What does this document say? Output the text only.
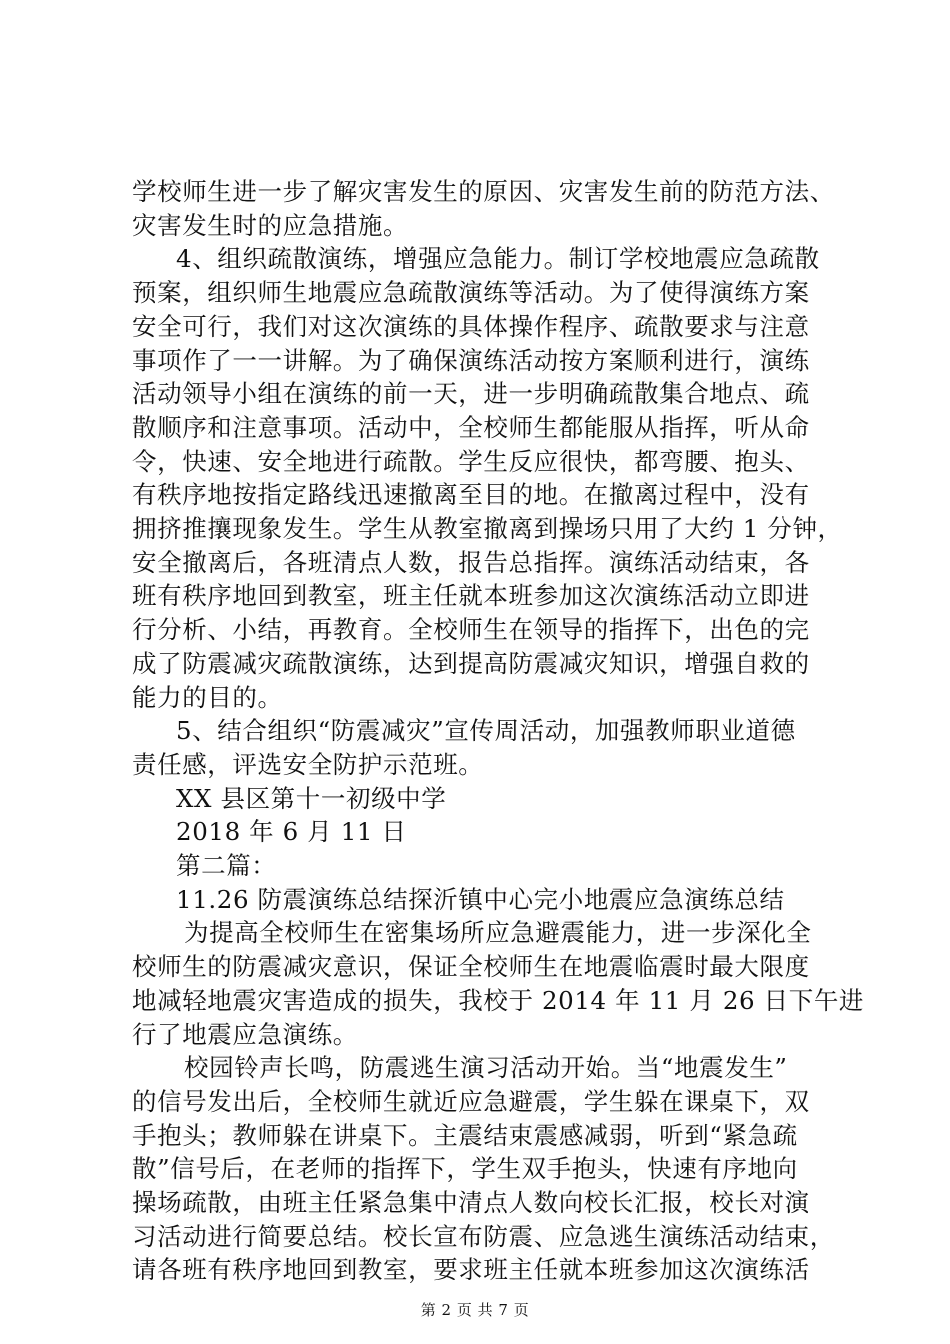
学校师生进一步了解灾害发生的原因、灾害发生前的防范方法、
灾害发生时的应急措施。
4、组织疏散演练，增强应急能力。制订学校地震应急疏散
预案，组织师生地震应急疏散演练等活动。为了使得演练方案
安全可行，我们对这次演练的具体操作程序、疏散要求与注意
事项作了一一讲解。为了确保演练活动按方案顺利进行，演练
活动领导小组在演练的前一天，进一步明确疏散集合地点、疏
散顺序和注意事项。活动中，全校师生都能服从指挥，听从命
令，快速、安全地进行疏散。学生反应很快，都弯腰、抱头、
有秩序地按指定路线迅速撤离至目的地。在撤离过程中，没有
拥挤推攘现象发生。学生从教室撤离到操场只用了大约 1 分钟，
安全撤离后，各班清点人数，报告总指挥。演练活动结束，各
班有秩序地回到教室，班主任就本班参加这次演练活动立即进
行分析、小结，再教育。全校师生在领导的指挥下，出色的完
成了防震减灾疏散演练，达到提高防震减灾知识，增强自救的
能力的目的。
5、结合组织“防震减灾”宣传周活动，加强教师职业道德
责任感，评选安全防护示范班。
XX 县区第十一初级中学
2018 年 6 月 11 日
第二篇：
11.26 防震演练总结探沂镇中心完小地震应急演练总结
为提高全校师生在密集场所应急避震能力，进一步深化全
校师生的防震减灾意识，保证全校师生在地震临震时最大限度
地减轻地震灾害造成的损失，我校于 2014 年 11 月 26 日下午进
行了地震应急演练。
校园铃声长鸣，防震逃生演习活动开始。当“地震发生”
的信号发出后，全校师生就近应急避震，学生躲在课桌下，双
手抱头；教师躲在讲桌下。主震结束震感减弱，听到“紧急疏
散”信号后，在老师的指挥下，学生双手抱头，快速有序地向
操场疏散，由班主任紧急集中清点人数向校长汇报，校长对演
习活动进行简要总结。校长宣布防震、应急逃生演练活动结束，
请各班有秩序地回到教室，要求班主任就本班参加这次演练活
第 2 页 共 7 页
